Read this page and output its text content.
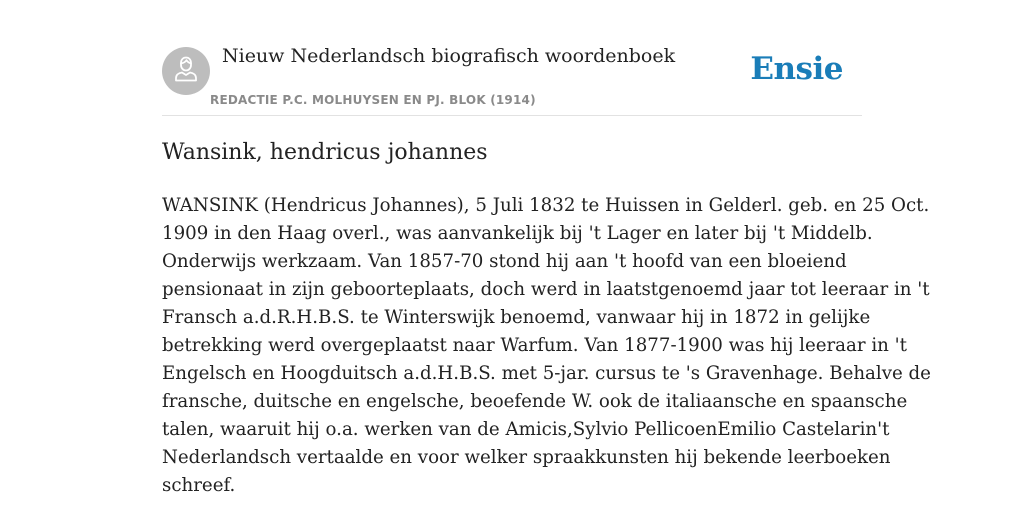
Nieuw Nederlandsch biografisch woordenboek
REDACTIE P.C. MOLHUYSEN EN PJ. BLOK (1914)
Ensie
Wansink, hendricus johannes
WANSINK (Hendricus Johannes), 5 Juli 1832 te Huissen in Gelderl. geb. en 25 Oct.
1909 in den Haag overl., was aanvankelijk bij 't Lager en later bij 't Middelb.
Onderwijs werkzaam. Van 1857-70 stond hij aan 't hoofd van een bloeiend
pensionaat in zijn geboorteplaats, doch werd in laatstgenoemd jaar tot leeraar in 't
Fransch a.d.R.H.B.S. te Winterswijk benoemd, vanwaar hij in 1872 in gelijke
betrekking werd overgeplaatst naar Warfum. Van 1877-1900 was hij leeraar in 't
Engelsch en Hoogduitsch a.d.H.B.S. met 5-jar. cursus te 's Gravenhage. Behalve de
fransche, duitsche en engelsche, beoefende W. ook de italiaansche en spaansche
talen, waaruit hij o.a. werken van de Amicis,Sylvio PellicoenEmilio Castelarin't
Nederlandsch vertaalde en voor welker spraakkunsten hij bekende leerboeken
schreef.
